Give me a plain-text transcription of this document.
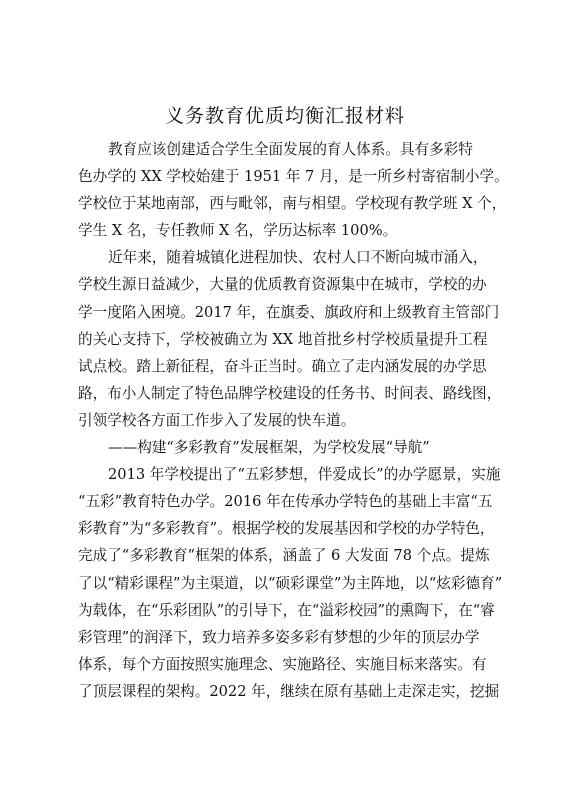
义务教育优质均衡汇报材料
教育应该创建适合学生全面发展的育人体系。具有多彩特
色办学的 XX 学校始建于 1951 年 7 月，是一所乡村寄宿制小学。
学校位于某地南部，西与毗邻，南与相望。学校现有教学班 X 个，
学生 X 名，专任教师 X 名，学历达标率 100%。
近年来，随着城镇化进程加快、农村人口不断向城市涌入，
学校生源日益减少，大量的优质教育资源集中在城市，学校的办
学一度陷入困境。2017 年，在旗委、旗政府和上级教育主管部门
的关心支持下，学校被确立为 XX 地首批乡村学校质量提升工程
试点校。踏上新征程，奋斗正当时。确立了走内涵发展的办学思
路，布小人制定了特色品牌学校建设的任务书、时间表、路线图，
引领学校各方面工作步入了发展的快车道。
——构建“多彩教育”发展框架，为学校发展“导航”
2013 年学校提出了“五彩梦想，伴爱成长”的办学愿景，实施
“五彩”教育特色办学。2016 年在传承办学特色的基础上丰富“五
彩教育”为“多彩教育”。根据学校的发展基因和学校的办学特色，
完成了“多彩教育”框架的体系，涵盖了 6 大发面 78 个点。提炼
了以“精彩课程”为主渠道，以“硕彩课堂”为主阵地，以“炫彩德育”
为载体，在“乐彩团队”的引导下，在“溢彩校园”的熏陶下，在“睿
彩管理”的润泽下，致力培养多姿多彩有梦想的少年的顶层办学
体系，每个方面按照实施理念、实施路径、实施目标来落实。有
了顶层课程的架构。2022 年，继续在原有基础上走深走实，挖掘
